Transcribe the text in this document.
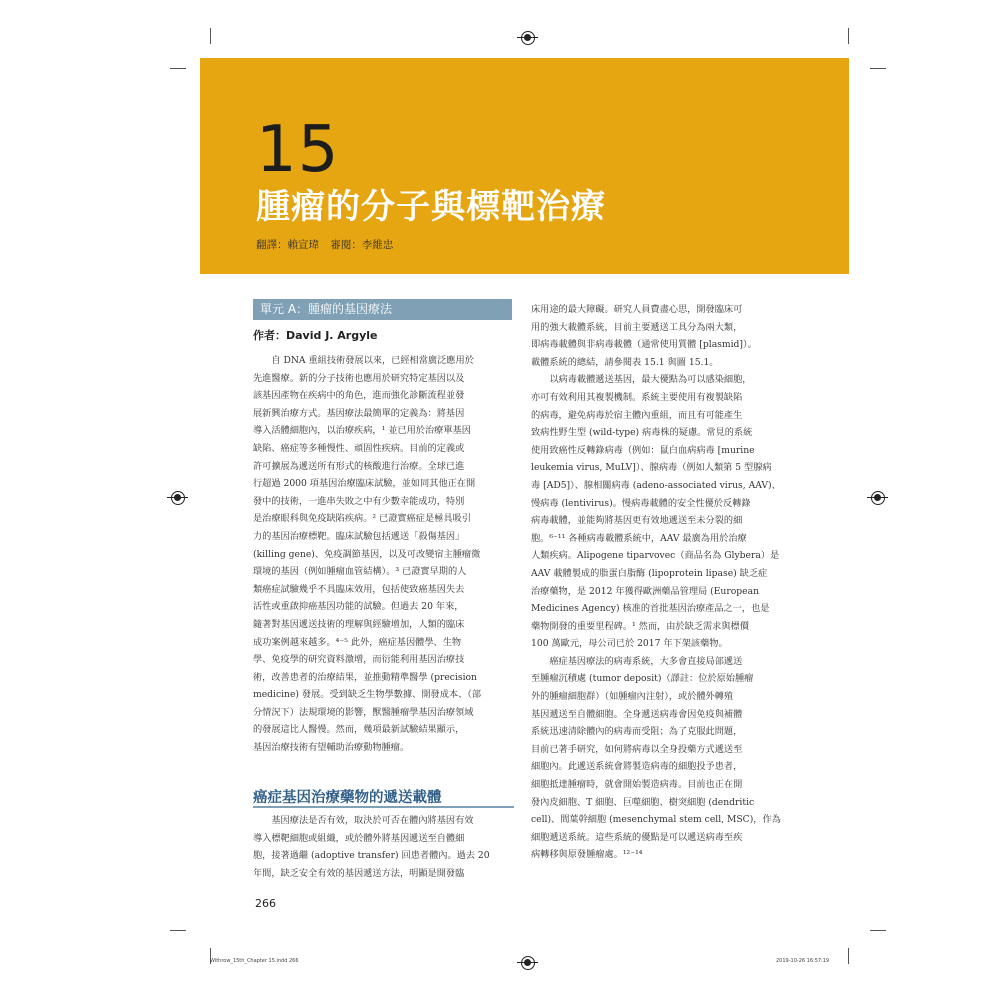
15
腫瘤的分子與標靶治療
翻譯：賴宣瑋 審閱：李維忠
單元 A：腫瘤的基因療法
作者：David J. Argyle
　　自 DNA 重組技術發展以來，已經相當廣泛應用於
先進醫療。新的分子技術也應用於研究特定基因以及
該基因產物在疾病中的角色，進而強化診斷流程並發
展新興治療方式。基因療法最簡單的定義為：將基因
導入活體細胞內，以治療疾病，¹ 並已用於治療單基因
缺陷、癌症等多種慢性、頑固性疾病。目前的定義或
許可擴展為遞送所有形式的核酸進行治療。全球已進
行超過 2000 項基因治療臨床試驗，並如同其他正在開
發中的技術，一進串失敗之中有少數幸能成功，特別
是治療眼科與免疫缺陷疾病。² 已證實癌症是極具吸引
力的基因治療標靶。臨床試驗包括遞送「殺傷基因」
(killing gene)、免疫調節基因，以及可改變宿主腫瘤微
環境的基因（例如腫瘤血管結構）。³ 已證實早期的人
類癌症試驗幾乎不具臨床效用，包括使致癌基因失去
活性或重啟抑癌基因功能的試驗。但過去 20 年來，
隨著對基因遞送技術的理解與經驗增加，人類的臨床
成功案例越來越多。⁴⁻⁵ 此外，癌症基因體學、生物
學、免疫學的研究資料激增，而衍能利用基因治療技
術，改善患者的治療結果，並推動精準醫學 (precision
medicine) 發展。受到缺乏生物學數據、開發成本、（部
分情況下）法規環境的影響，獸醫腫瘤學基因治療領域
的發展這比人醫慢。然而，幾項最新試驗結果顯示，
基因治療技術有望輔助治療動物腫瘤。
癌症基因治療藥物的遞送載體
　　基因療法是否有效，取決於可否在體內將基因有效
導入標靶細胞或組織，或於體外將基因遞送至自體細
胞，接著過繼 (adoptive transfer) 回患者體內。過去 20
年間，缺乏安全有效的基因遞送方法，明顯是開發臨
床用途的最大障礙。研究人員費盡心思，開發臨床可
用的強大載體系統，目前主要遞送工具分為兩大類，
即病毒載體與非病毒載體（通常使用質體 [plasmid]）。
載體系統的總結，請參閱表 15.1 與圖 15.1。
　　以病毒載體遞送基因，最大優點為可以感染細胞，
亦可有效利用其複製機制。系統主要使用有複製缺陷
的病毒，避免病毒於宿主體內重組，而且有可能產生
致病性野生型 (wild-type) 病毒株的疑慮。常見的系統
使用致癌性反轉錄病毒（例如：鼠白血病病毒 [murine
leukemia virus, MuLV]）、腺病毒（例如人類第 5 型腺病
毒 [AD5]）、腺相關病毒 (adeno-associated virus, AAV)、
慢病毒 (lentivirus)。慢病毒載體的安全性優於反轉錄
病毒載體，並能夠將基因更有效地遞送至未分裂的細
胞。⁶⁻¹¹ 各種病毒載體系統中，AAV 最廣為用於治療
人類疾病。Alipogene tiparvovec（商品名為 Glybera）是
AAV 載體製成的脂蛋白脂酶 (lipoprotein lipase) 缺乏症
治療藥物，是 2012 年獲得歐洲藥品管理局 (European
Medicines Agency) 核准的首批基因治療產品之一，也是
藥物開發的重要里程碑。¹ 然而，由於缺乏需求與標價
100 萬歐元，母公司已於 2017 年下架該藥物。
　　癌症基因療法的病毒系統，大多會直接局部遞送
至腫瘤沉積處 (tumor deposit)（譯註：位於原始腫瘤
外的腫瘤細胞群）（如腫瘤內注射），或於體外轉殖
基因遞送至自體細胞。全身遞送病毒會因免疫與補體
系統迅速清除體內的病毒而受阻；為了克服此問題，
目前已著手研究，如何將病毒以全身投藥方式遞送至
細胞內。此遞送系統會將製造病毒的細胞投予患者，
細胞抵達腫瘤時，就會開始製造病毒。目前也正在開
發內皮細胞、T 細胞、巨噬細胞、樹突細胞 (dendritic
cell)、間葉幹細胞 (mesenchymal stem cell, MSC)，作為
細胞遞送系統。這些系統的優點是可以遞送病毒至疾
病轉移與原發腫瘤處。¹²⁻¹⁴
266
Withrow_15th_Chapter 15.indd 266	2019-10-26 16:57:19
